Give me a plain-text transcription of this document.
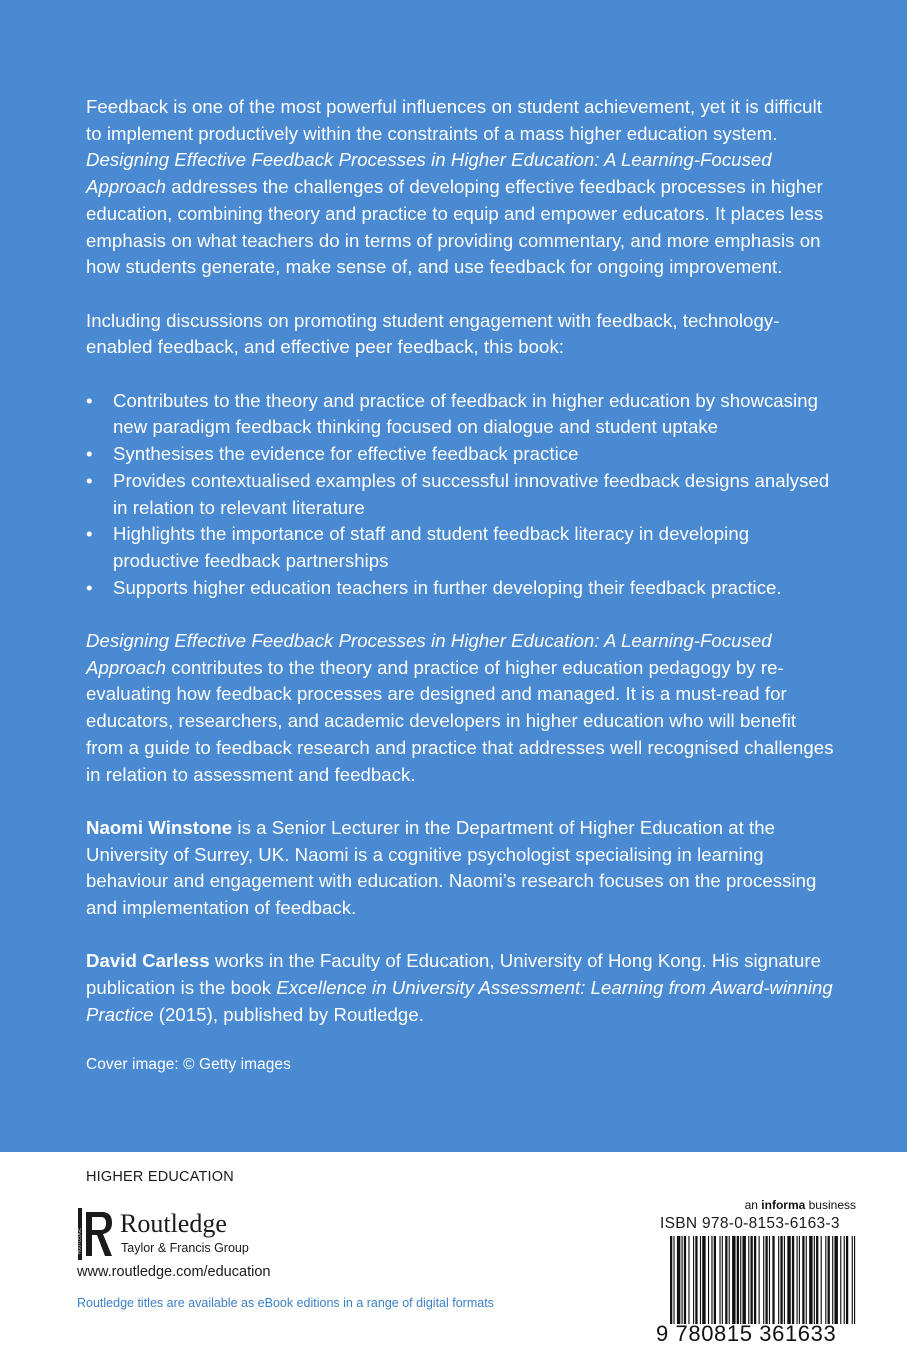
Feedback is one of the most powerful influences on student achievement, yet it is difficult to implement productively within the constraints of a mass higher education system. Designing Effective Feedback Processes in Higher Education: A Learning-Focused Approach addresses the challenges of developing effective feedback processes in higher education, combining theory and practice to equip and empower educators. It places less emphasis on what teachers do in terms of providing commentary, and more emphasis on how students generate, make sense of, and use feedback for ongoing improvement.

Including discussions on promoting student engagement with feedback, technology-enabled feedback, and effective peer feedback, this book:

• Contributes to the theory and practice of feedback in higher education by showcasing new paradigm feedback thinking focused on dialogue and student uptake
• Synthesises the evidence for effective feedback practice
• Provides contextualised examples of successful innovative feedback designs analysed in relation to relevant literature
• Highlights the importance of staff and student feedback literacy in developing productive feedback partnerships
• Supports higher education teachers in further developing their feedback practice.

Designing Effective Feedback Processes in Higher Education: A Learning-Focused Approach contributes to the theory and practice of higher education pedagogy by re-evaluating how feedback processes are designed and managed. It is a must-read for educators, researchers, and academic developers in higher education who will benefit from a guide to feedback research and practice that addresses well recognised challenges in relation to assessment and feedback.

Naomi Winstone is a Senior Lecturer in the Department of Higher Education at the University of Surrey, UK. Naomi is a cognitive psychologist specialising in learning behaviour and engagement with education. Naomi’s research focuses on the processing and implementation of feedback.

David Carless works in the Faculty of Education, University of Hong Kong. His signature publication is the book Excellence in University Assessment: Learning from Award-winning Practice (2015), published by Routledge.

Cover image: © Getty images

HIGHER EDUCATION
ROUTLEDGE
Routledge
Taylor & Francis Group
www.routledge.com/education
Routledge titles are available as eBook editions in a range of digital formats
an informa business
ISBN 978-0-8153-6163-3
9 780815 361633
